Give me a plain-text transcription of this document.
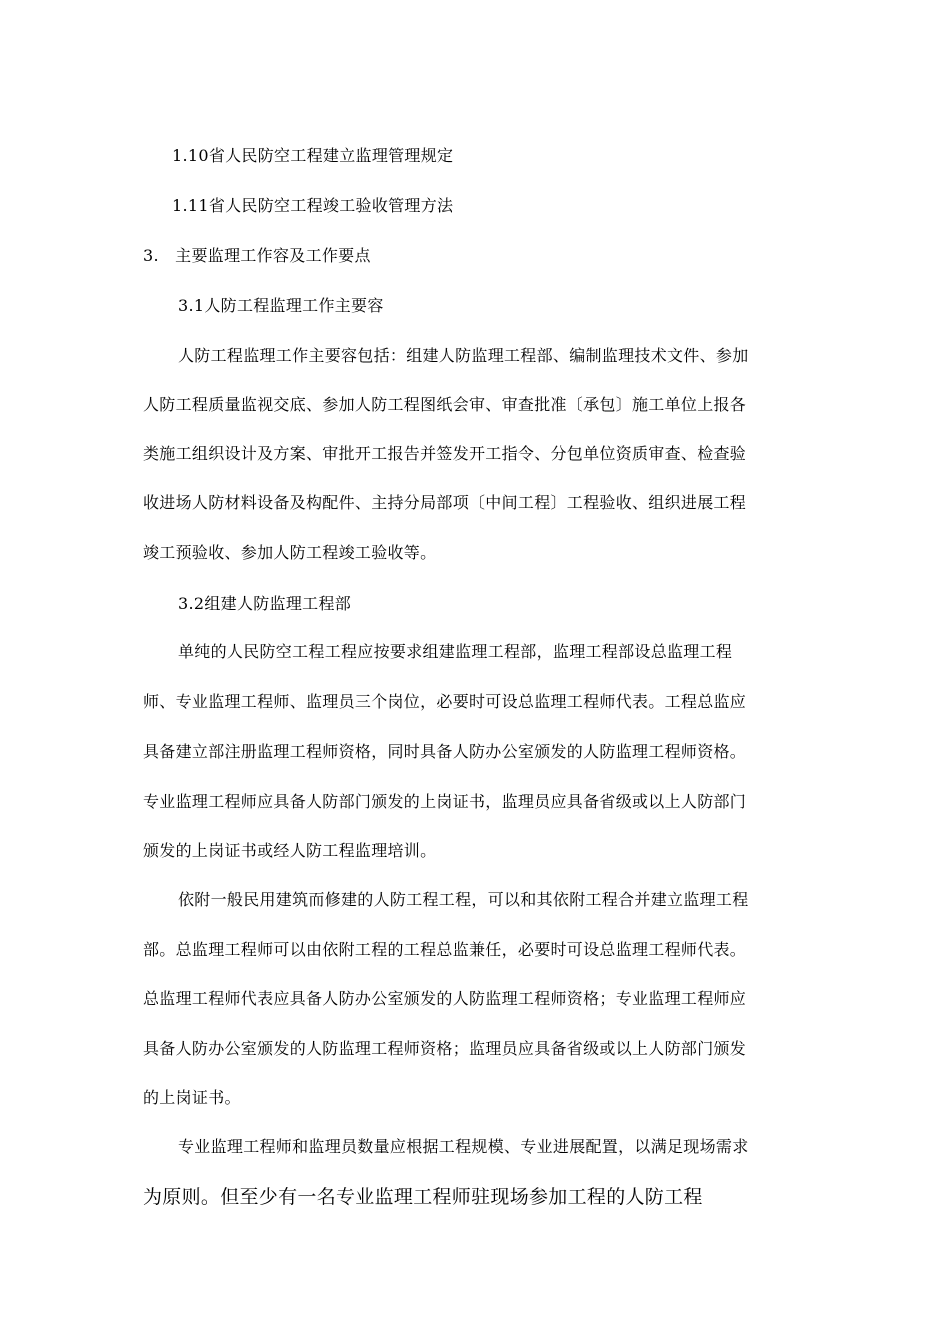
1.10省人民防空工程建立监理管理规定
1.11省人民防空工程竣工验收管理方法
3.　主要监理工作容及工作要点
3.1人防工程监理工作主要容
人防工程监理工作主要容包括：组建人防监理工程部、编制监理技术文件、参加
人防工程质量监视交底、参加人防工程图纸会审、审查批准〔承包〕施工单位上报各
类施工组织设计及方案、审批开工报告并签发开工指令、分包单位资质审查、检查验
收进场人防材料设备及构配件、主持分局部项〔中间工程〕工程验收、组织进展工程
竣工预验收、参加人防工程竣工验收等。
3.2组建人防监理工程部
单纯的人民防空工程工程应按要求组建监理工程部，监理工程部设总监理工程
师、专业监理工程师、监理员三个岗位，必要时可设总监理工程师代表。工程总监应
具备建立部注册监理工程师资格，同时具备人防办公室颁发的人防监理工程师资格。
专业监理工程师应具备人防部门颁发的上岗证书，监理员应具备省级或以上人防部门
颁发的上岗证书或经人防工程监理培训。
依附一般民用建筑而修建的人防工程工程，可以和其依附工程合并建立监理工程
部。总监理工程师可以由依附工程的工程总监兼任，必要时可设总监理工程师代表。
总监理工程师代表应具备人防办公室颁发的人防监理工程师资格；专业监理工程师应
具备人防办公室颁发的人防监理工程师资格；监理员应具备省级或以上人防部门颁发
的上岗证书。
专业监理工程师和监理员数量应根据工程规模、专业进展配置，以满足现场需求
为原则。但至少有一名专业监理工程师驻现场参加工程的人防工程
